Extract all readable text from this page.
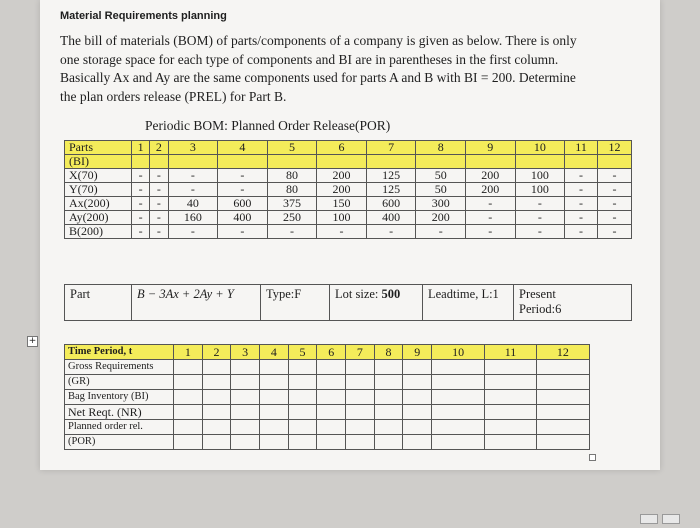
Material Requirements planning
The bill of materials (BOM) of parts/components of a company is given as below. There is only
one storage space for each type of components and BI are in parentheses in the first column.
Basically Ax and Ay are the same components used for parts A and B with BI = 200. Determine
the plan orders release (PREL) for Part B.
Periodic BOM: Planned Order Release(POR)
Parts	1	2	3	4	5	6	7	8	9	10	11	12
(BI)												
X(70)	-	-	-	-	80	200	125	50	200	100	-	-
Y(70)	-	-	-	-	80	200	125	50	200	100	-	-
Ax(200)	-	-	40	600	375	150	600	300	-	-	-	-
Ay(200)	-	-	160	400	250	100	400	200	-	-	-	-
B(200)	-	-	-	-	-	-	-	-	-	-	-	-
Part	B − 3Ax + 2Ay + Y	Type:F	Lot size: 500	Leadtime, L:1	Present
Period:6
+
Time Period, t	1	2	3	4	5	6	7	8	9	10	11	12
Gross Requirements												
(GR)												
Bag Inventory (BI)												
Net Reqt. (NR)												
Planned order rel.												
(POR)												
